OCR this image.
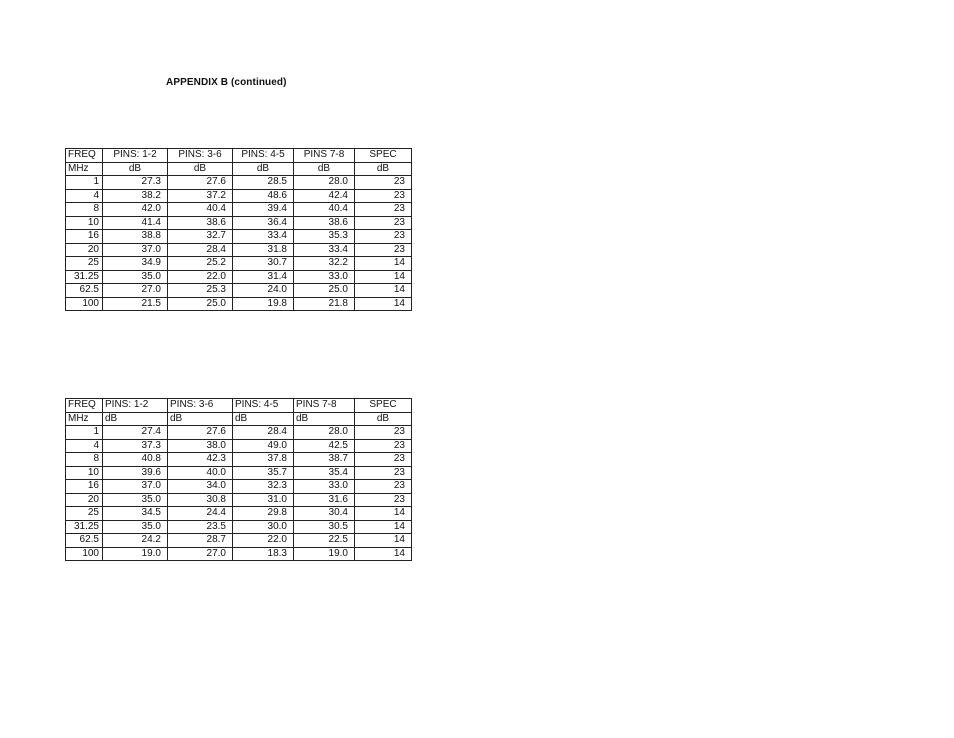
APPENDIX B (continued)
FREQ	PINS: 1-2	PINS: 3-6	PINS: 4-5	PINS 7-8	SPEC
MHz	dB	dB	dB	dB	dB
1	27.3	27.6	28.5	28.0	23
4	38.2	37.2	48.6	42.4	23
8	42.0	40.4	39.4	40.4	23
10	41.4	38.6	36.4	38.6	23
16	38.8	32.7	33.4	35.3	23
20	37.0	28.4	31.8	33.4	23
25	34.9	25.2	30.7	32.2	14
31.25	35.0	22.0	31.4	33.0	14
62.5	27.0	25.3	24.0	25.0	14
100	21.5	25.0	19.8	21.8	14
FREQ	PINS: 1-2	PINS: 3-6	PINS: 4-5	PINS 7-8	SPEC
MHz	dB	dB	dB	dB	dB
1	27.4	27.6	28.4	28.0	23
4	37.3	38.0	49.0	42.5	23
8	40.8	42.3	37.8	38.7	23
10	39.6	40.0	35.7	35.4	23
16	37.0	34.0	32.3	33.0	23
20	35.0	30.8	31.0	31.6	23
25	34.5	24.4	29.8	30.4	14
31.25	35.0	23.5	30.0	30.5	14
62.5	24.2	28.7	22.0	22.5	14
100	19.0	27.0	18.3	19.0	14
